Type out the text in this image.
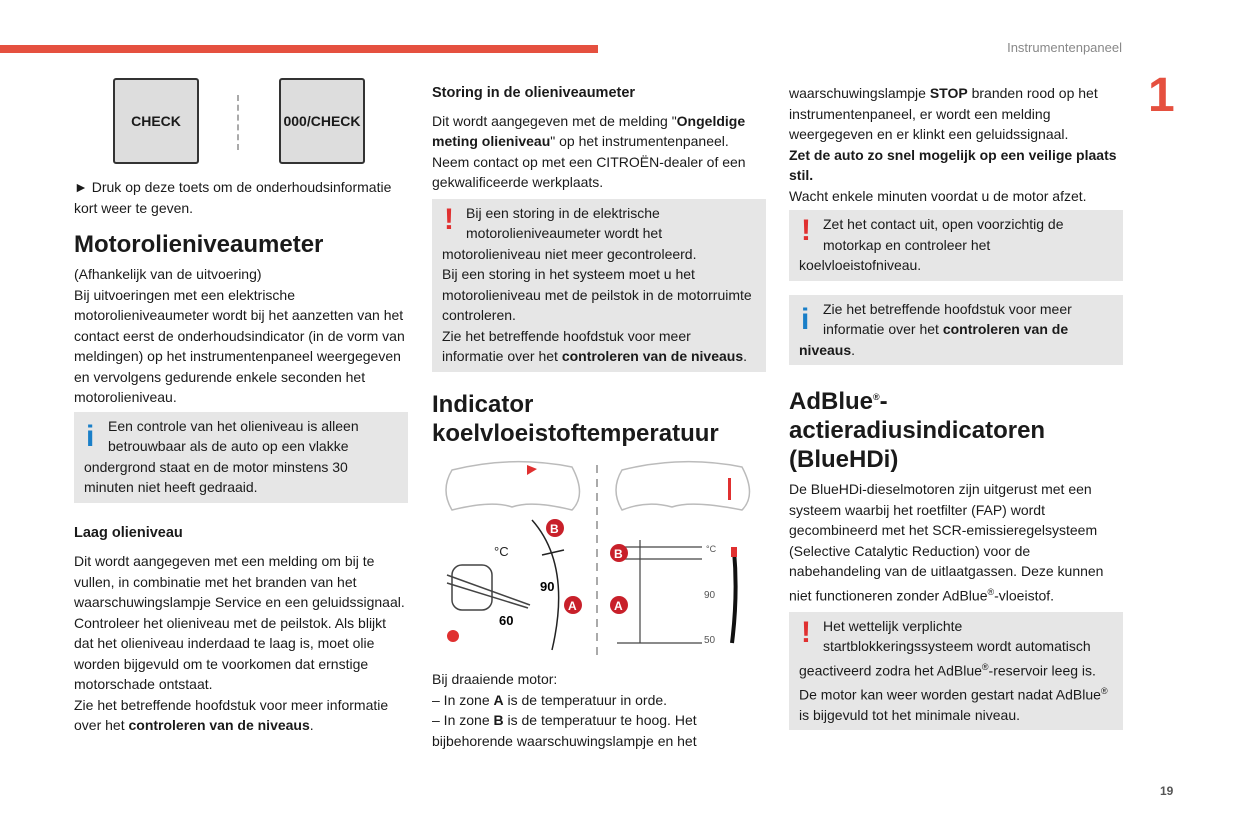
Instrumentenpaneel
1
19
CHECK	000/CHECK

► Druk op deze toets om de onderhoudsinformatie kort weer te geven.

Motorolieniveaumeter

(Afhankelijk van de uitvoering)
Bij uitvoeringen met een elektrische motorolieniveaumeter wordt bij het aanzetten van het contact eerst de onderhoudsindicator (in de vorm van meldingen) op het instrumentenpaneel weergegeven en vervolgens gedurende enkele seconden het motorolieniveau.

i Een controle van het olieniveau is alleen betrouwbaar als de auto op een vlakke ondergrond staat en de motor minstens 30 minuten niet heeft gedraaid.

Laag olieniveau

Dit wordt aangegeven met een melding om bij te vullen, in combinatie met het branden van het waarschuwingslampje Service en een geluidssignaal.
Controleer het olieniveau met de peilstok. Als blijkt dat het olieniveau inderdaad te laag is, moet olie worden bijgevuld om te voorkomen dat ernstige motorschade ontstaat.
Zie het betreffende hoofdstuk voor meer informatie over het controleren van de niveaus.

Storing in de olieniveaumeter

Dit wordt aangegeven met de melding "Ongeldige meting olieniveau" op het instrumentenpaneel.
Neem contact op met een CITROËN-dealer of een gekwalificeerde werkplaats.

! Bij een storing in de elektrische motorolieniveaumeter wordt het motorolieniveau niet meer gecontroleerd.
Bij een storing in het systeem moet u het motorolieniveau met de peilstok in de motorruimte controleren.
Zie het betreffende hoofdstuk voor meer informatie over het controleren van de niveaus.

Indicator koelvloeistoftemperatuur
°C
90
60
B
A
B
A
°C
90
50

Bij draaiende motor:
– In zone A is de temperatuur in orde.
– In zone B is de temperatuur te hoog. Het bijbehorende waarschuwingslampje en het

waarschuwingslampje STOP branden rood op het instrumentenpaneel, er wordt een melding weergegeven en er klinkt een geluidssignaal.
Zet de auto zo snel mogelijk op een veilige plaats stil.
Wacht enkele minuten voordat u de motor afzet.

! Zet het contact uit, open voorzichtig de motorkap en controleer het koelvloeistofniveau.

i Zie het betreffende hoofdstuk voor meer informatie over het controleren van de niveaus.

AdBlue®-actieradiusindicatoren (BlueHDi)

De BlueHDi-dieselmotoren zijn uitgerust met een systeem waarbij het roetfilter (FAP) wordt gecombineerd met het SCR-emissieregelsysteem (Selective Catalytic Reduction) voor de nabehandeling van de uitlaatgassen. Deze kunnen niet functioneren zonder AdBlue®-vloeistof.

! Het wettelijk verplichte startblokkeringssysteem wordt automatisch geactiveerd zodra het AdBlue®-reservoir leeg is.
De motor kan weer worden gestart nadat AdBlue® is bijgevuld tot het minimale niveau.
